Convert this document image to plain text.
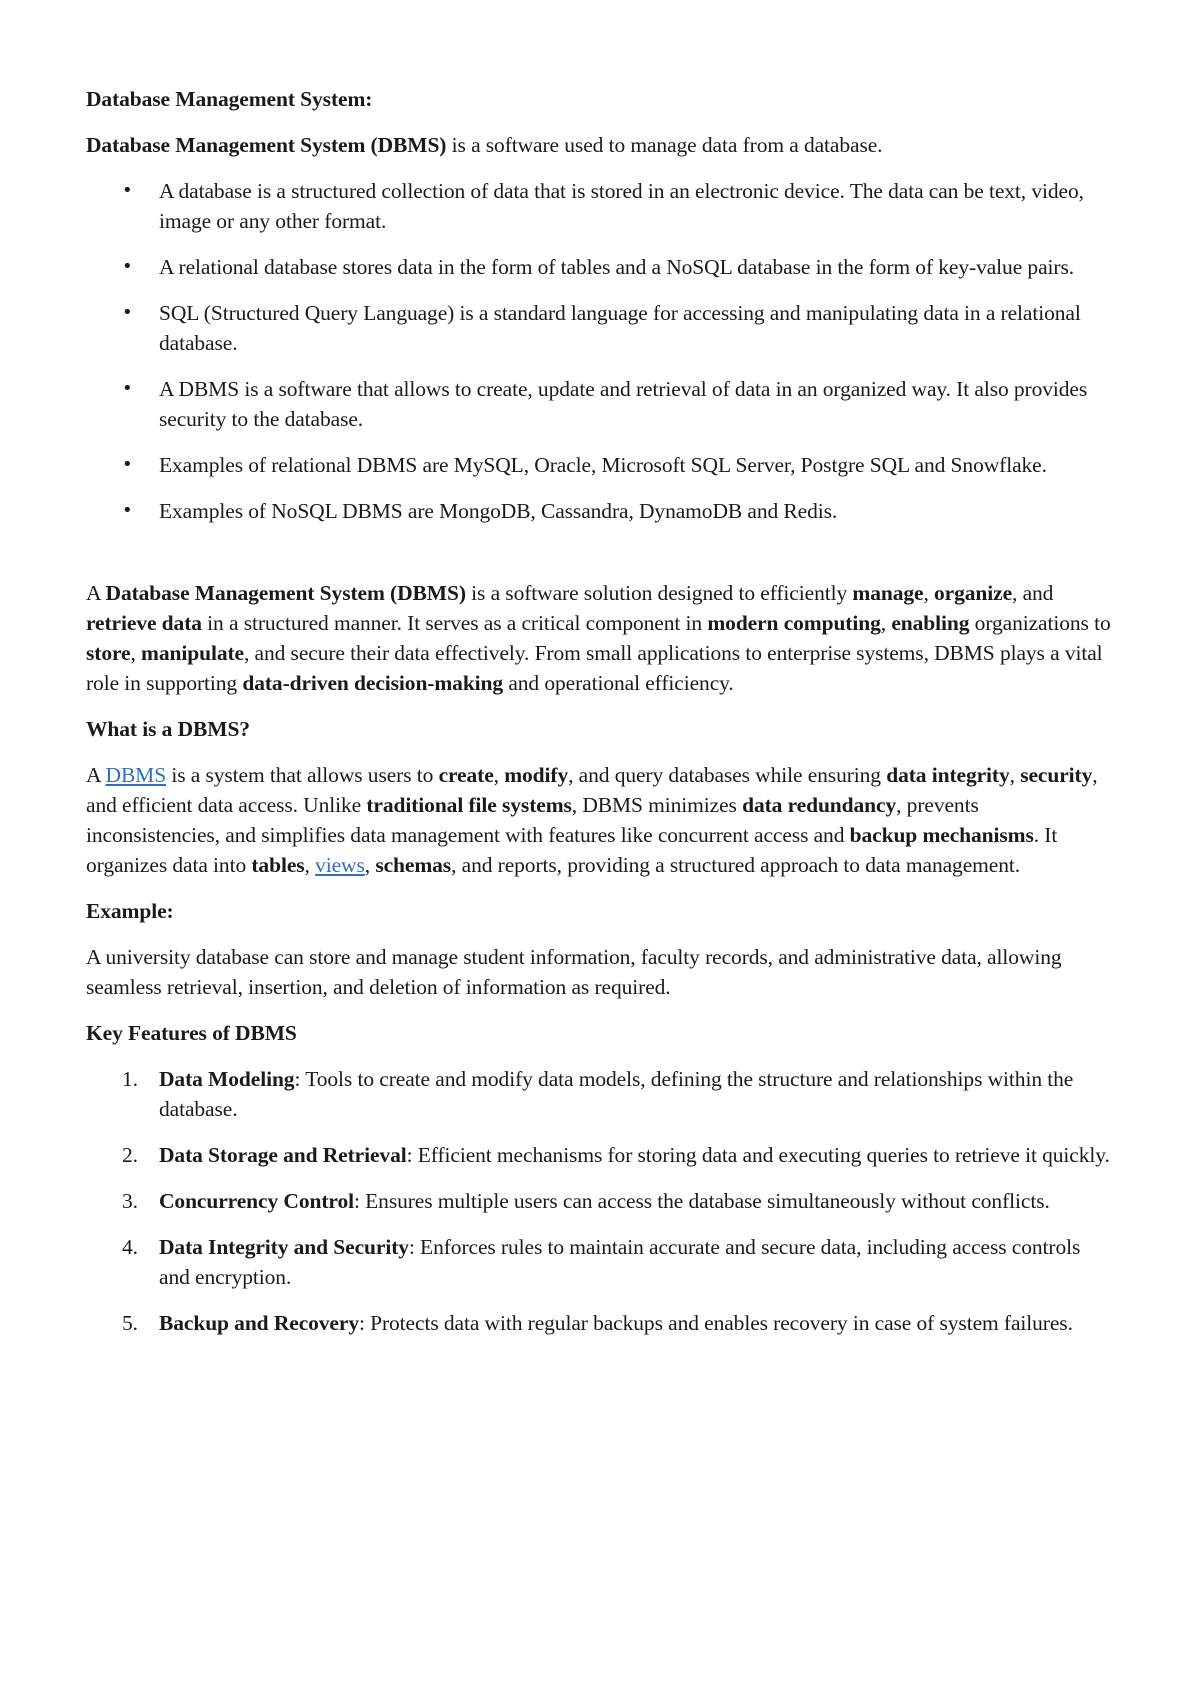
Database Management System:

Database Management System (DBMS) is a software used to manage data from a database.

• A database is a structured collection of data that is stored in an electronic device. The data can be text, video, image or any other format.
• A relational database stores data in the form of tables and a NoSQL database in the form of key-value pairs.
• SQL (Structured Query Language) is a standard language for accessing and manipulating data in a relational database.
• A DBMS is a software that allows to create, update and retrieval of data in an organized way. It also provides security to the database.
• Examples of relational DBMS are MySQL, Oracle, Microsoft SQL Server, Postgre SQL and Snowflake.
• Examples of NoSQL DBMS are MongoDB, Cassandra, DynamoDB and Redis.

A Database Management System (DBMS) is a software solution designed to efficiently manage, organize, and retrieve data in a structured manner. It serves as a critical component in modern computing, enabling organizations to store, manipulate, and secure their data effectively. From small applications to enterprise systems, DBMS plays a vital role in supporting data-driven decision-making and operational efficiency.

What is a DBMS?

A DBMS is a system that allows users to create, modify, and query databases while ensuring data integrity, security, and efficient data access. Unlike traditional file systems, DBMS minimizes data redundancy, prevents inconsistencies, and simplifies data management with features like concurrent access and backup mechanisms. It organizes data into tables, views, schemas, and reports, providing a structured approach to data management.

Example:

A university database can store and manage student information, faculty records, and administrative data, allowing seamless retrieval, insertion, and deletion of information as required.

Key Features of DBMS

1. Data Modeling: Tools to create and modify data models, defining the structure and relationships within the database.
2. Data Storage and Retrieval: Efficient mechanisms for storing data and executing queries to retrieve it quickly.
3. Concurrency Control: Ensures multiple users can access the database simultaneously without conflicts.
4. Data Integrity and Security: Enforces rules to maintain accurate and secure data, including access controls and encryption.
5. Backup and Recovery: Protects data with regular backups and enables recovery in case of system failures.
